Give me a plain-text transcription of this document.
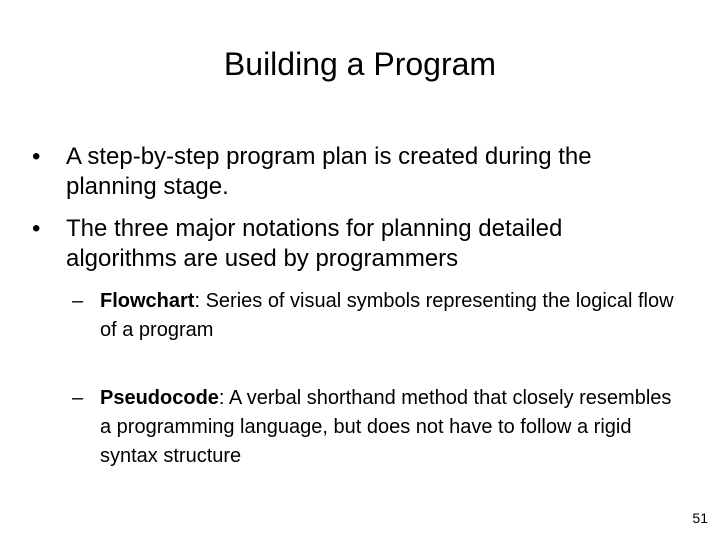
Building a Program
•	A step-by-step program plan is created during the planning stage.
•	The three major notations for planning detailed algorithms are used by programmers
– Flowchart: Series of visual symbols representing the logical flow of a program
– Pseudocode: A verbal shorthand method that closely resembles a programming language, but does not have to follow a rigid syntax structure
51
